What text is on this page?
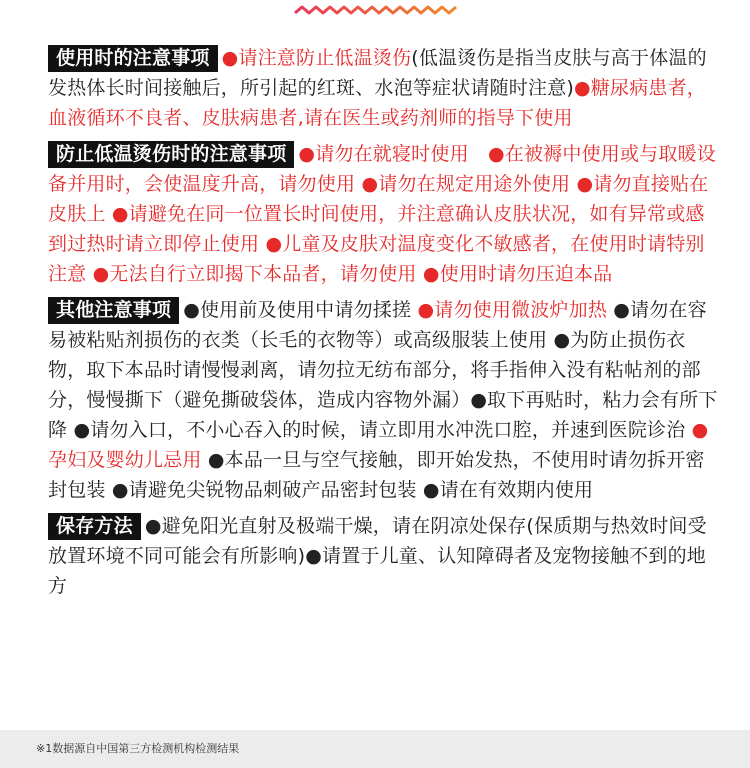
使用时的注意事项 ●请注意防止低温烫伤(低温烫伤是指当皮肤与高于体温的发热体长时间接触后，所引起的红斑、水泡等症状请随时注意)●糖尿病患者，血液循环不良者、皮肤病患者,请在医生或药剂师的指导下使用
防止低温烫伤时的注意事项 ●请勿在就寝时使用　●在被褥中使用或与取暖设备并用时，会使温度升高，请勿使用 ●请勿在规定用途外使用 ●请勿直接贴在皮肤上 ●请避免在同一位置长时间使用，并注意确认皮肤状况，如有异常或感到过热时请立即停止使用 ●儿童及皮肤对温度变化不敏感者，在使用时请特别注意 ●无法自行立即揭下本品者，请勿使用 ●使用时请勿压迫本品
其他注意事项 ●使用前及使用中请勿揉搓 ●请勿使用微波炉加热 ●请勿在容易被粘贴剂损伤的衣类（长毛的衣物等）或高级服装上使用 ●为防止损伤衣物，取下本品时请慢慢剥离，请勿拉无纺布部分，将手指伸入没有粘帖剂的部分，慢慢撕下（避免撕破袋体，造成内容物外漏）●取下再贴时，粘力会有所下降 ●请勿入口，不小心吞入的时候，请立即用水冲洗口腔，并速到医院诊治 ●孕妇及婴幼儿忌用 ●本品一旦与空气接触，即开始发热，不使用时请勿拆开密封包装 ●请避免尖锐物品刺破产品密封包装 ●请在有效期内使用
保存方法 ●避免阳光直射及极端干燥，请在阴凉处保存(保质期与热效时间受放置环境不同可能会有所影响)●请置于儿童、认知障碍者及宠物接触不到的地方
※1数据源自中国第三方检测机构检测结果
